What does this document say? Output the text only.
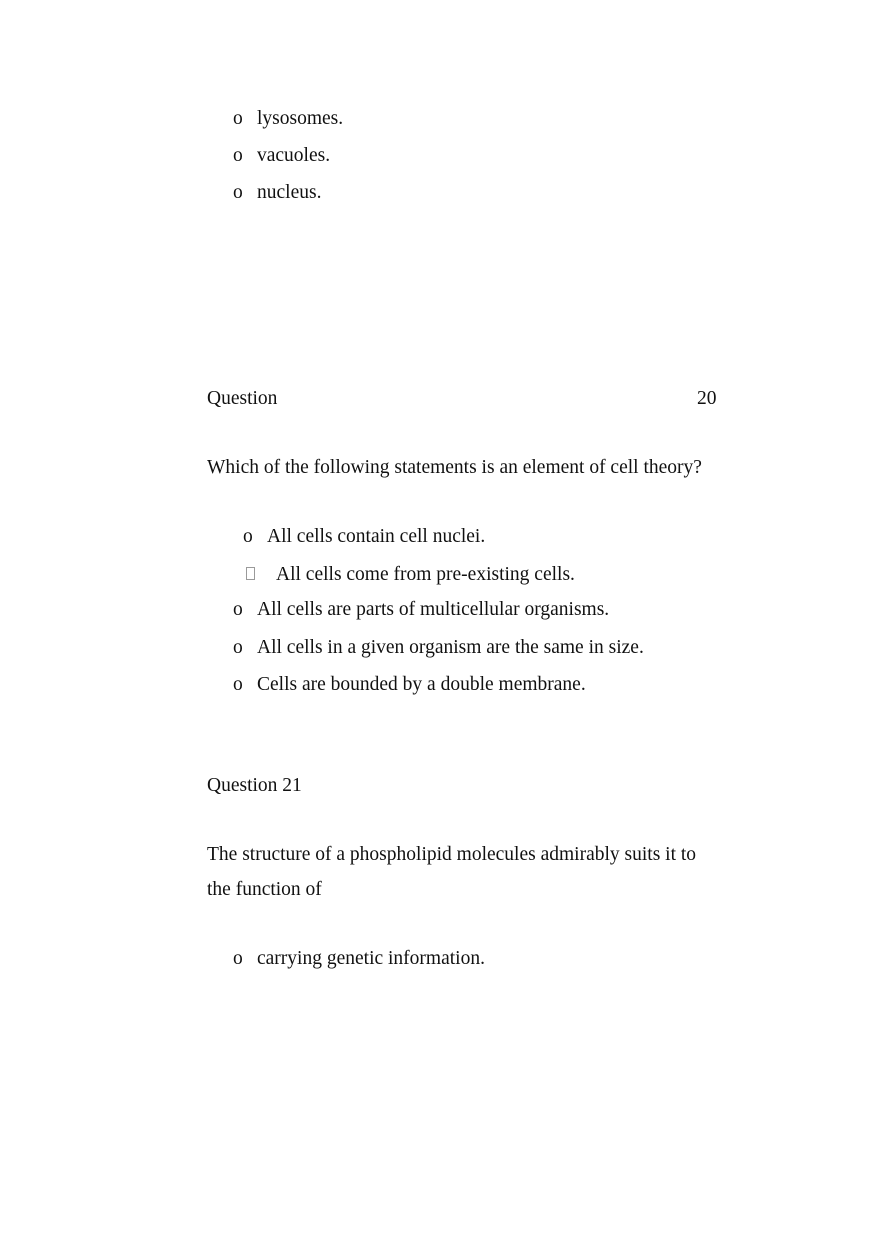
o lysosomes.
o vacuoles.
o nucleus.
Question	20
Which of the following statements is an element of cell theory?
o All cells contain cell nuclei.
All cells come from pre-existing cells.
o All cells are parts of multicellular organisms.
o All cells in a given organism are the same in size.
o Cells are bounded by a double membrane.
Question 21
The structure of a phospholipid molecules admirably suits it to
the function of
o carrying genetic information.
